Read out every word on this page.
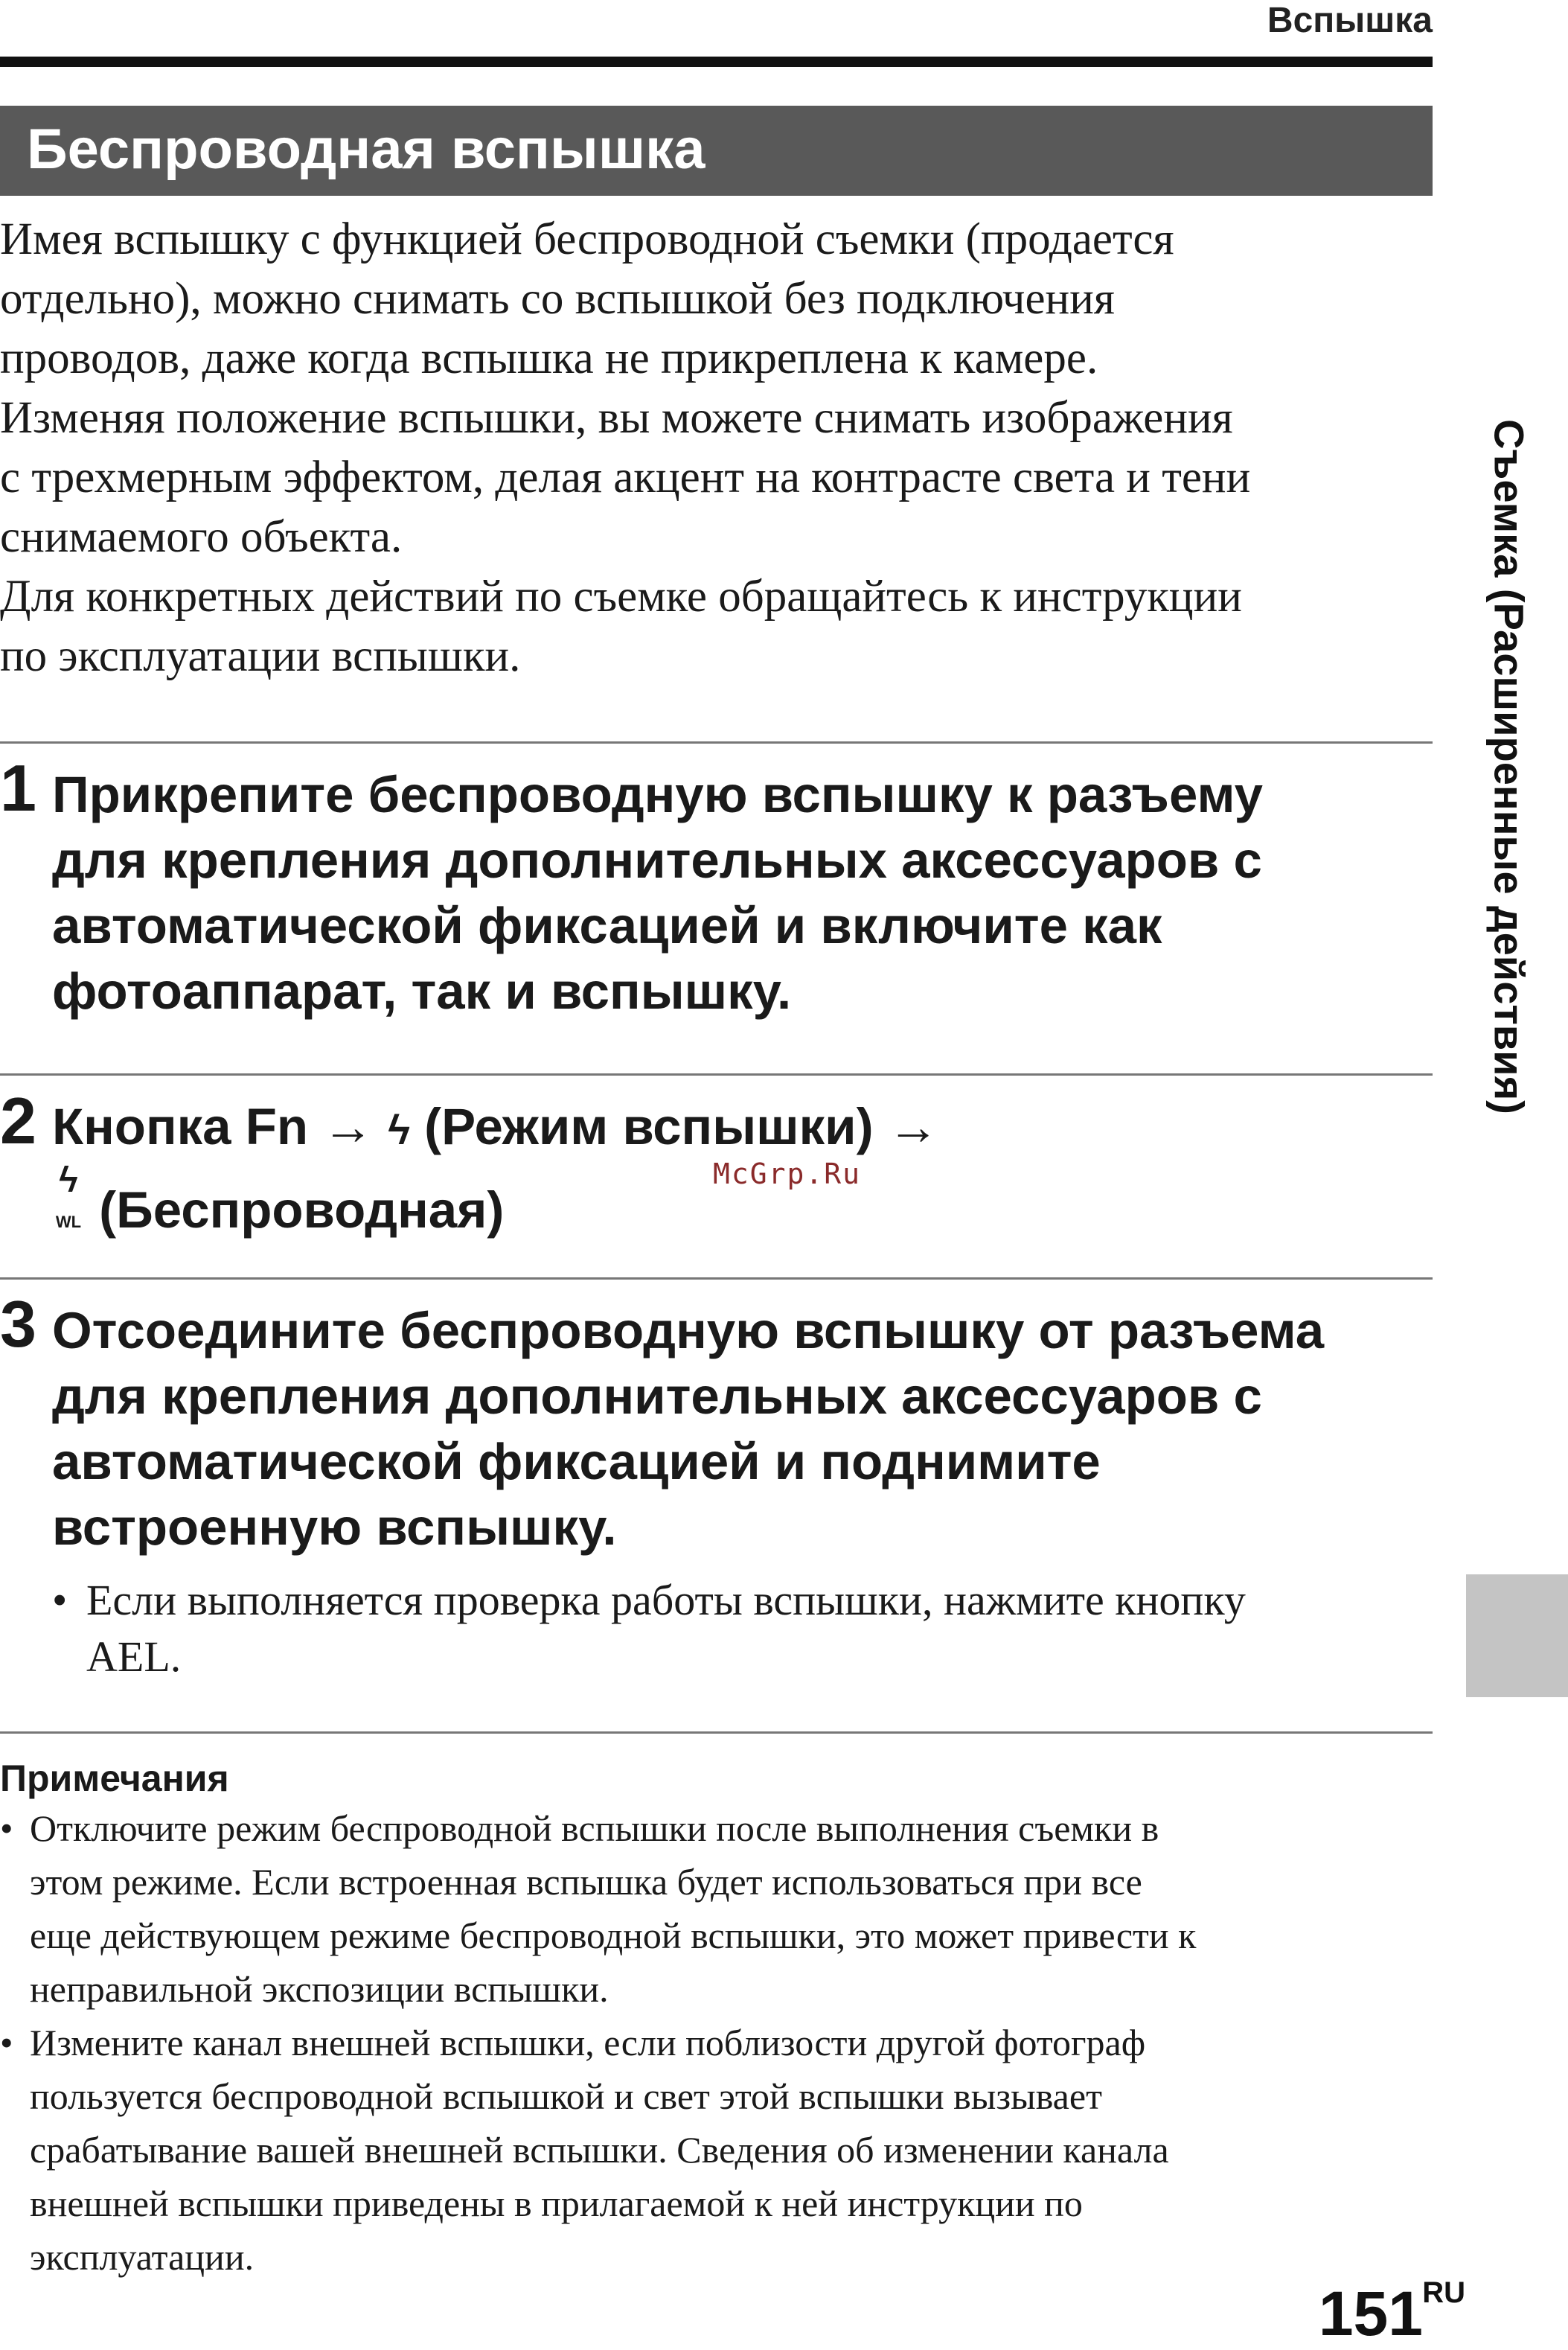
Вспышка
Беспроводная вспышка

Имея вспышку с функцией беспроводной съемки (продается

отдельно), можно снимать со вспышкой без подключения

проводов, даже когда вспышка не прикреплена к камере.

Изменяя положение вспышки, вы можете снимать изображения

с трехмерным эффектом, делая акцент на контрасте света и тени

снимаемого объекта.

Для конкретных действий по съемке обращайтесь к инструкции

по эксплуатации вспышки.

1 Прикрепите беспроводную вспышку к разъему

для крепления дополнительных аксессуаров с

автоматической фиксацией и включите как

фотоаппарат, так и вспышку.

2 Кнопка Fn → ϟ (Режим вспышки) →

ϟ
WL (Беспроводная)

3 Отсоедините беспроводную вспышку от разъема

для крепления дополнительных аксессуаров с

автоматической фиксацией и поднимите

встроенную вспышку.

• Если выполняется проверка работы вспышки, нажмите кнопку
AEL.
Примечания
• Отключите режим беспроводной вспышки после выполнения съемки в
этом режиме. Если встроенная вспышка будет использоваться при все
еще действующем режиме беспроводной вспышки, это может привести к
неправильной экспозиции вспышки.
• Измените канал внешней вспышки, если поблизости другой фотограф
пользуется беспроводной вспышкой и свет этой вспышки вызывает
срабатывание вашей внешней вспышки. Сведения об изменении канала
внешней вспышки приведены в прилагаемой к ней инструкции по
эксплуатации.
Съемка (Расширенные действия)
McGrp.Ru
151 RU
